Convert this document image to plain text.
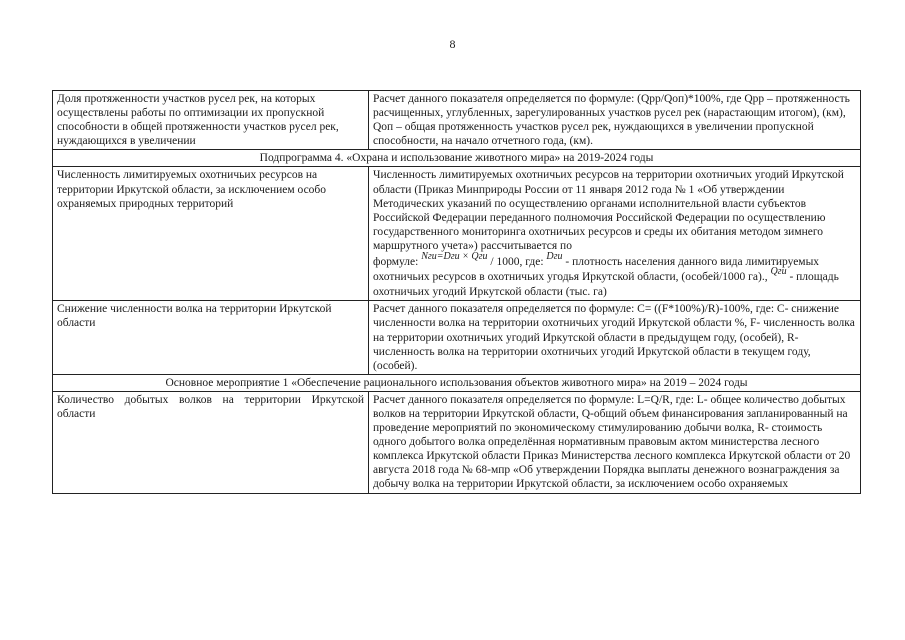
8
Доля протяженности участков русел рек, на которых осуществлены работы по оптимизации их пропускной способности в общей протяженности участков русел рек, нуждающихся в увеличении	Расчет данного показателя определяется по формуле: (Qрр/Qоп)*100%, где Qрр – протяженность расчищенных, углубленных, зарегулированных участков русел рек (нарастающим итогом), (км), Qоп – общая протяженность участков русел рек, нуждающихся в увеличении пропускной способности, на начало отчетного года, (км).
Подпрограмма 4. «Охрана и использование животного мира» на 2019-2024 годы	
Численность лимитируемых охотничьих ресурсов на территории Иркутской области, за исключением особо охраняемых природных территорий	Численность лимитируемых охотничьих ресурсов на территории охотничьих угодий Иркутской области (Приказ Минприроды России от 11 января 2012 года № 1 «Об утверждении Методических указаний по осуществлению органами исполнительной власти субъектов Российской Федерации переданного полномочия Российской Федерации по осуществлению государственного мониторинга охотничьих ресурсов и среды их обитания методом зимнего маршрутного учета») рассчитывается по
формуле: Nги=Dги × Qги / 1000, где: Dги - плотность населения данного вида лимитируемых охотничьих ресурсов в охотничьих угодья Иркутской области, (особей/1000 га)., Qги - площадь охотничьих угодий Иркутской области (тыс. га)

Снижение численности волка на территории Иркутской области	Расчет данного показателя определяется по формуле: С= ((F*100%)/R)-100%, где: С- снижение численности волка на территории охотничьих угодий Иркутской области %, F- численность волка на территории охотничьих угодий Иркутской области в предыдущем году, (особей), R- численность волка на территории охотничьих угодий Иркутской области в текущем году, (особей).
Основное мероприятие 1 «Обеспечение рационального использования объектов животного мира» на 2019 – 2024 годы	
Количество добытых волков на территории Иркутской области	Расчет данного показателя определяется по формуле: L=Q/R, где: L- общее количество добытых волков на территории Иркутской области, Q-общий объем финансирования запланированный на проведение мероприятий по экономическому стимулированию добычи волка, R- стоимость одного добытого волка определённая нормативным правовым актом министерства лесного комплекса Иркутской области Приказ Министерства лесного комплекса Иркутской области от 20 августа 2018 года № 68-мпр «Об утверждении Порядка выплаты денежного вознаграждения за добычу волка на территории Иркутской области, за исключением особо охраняемых
